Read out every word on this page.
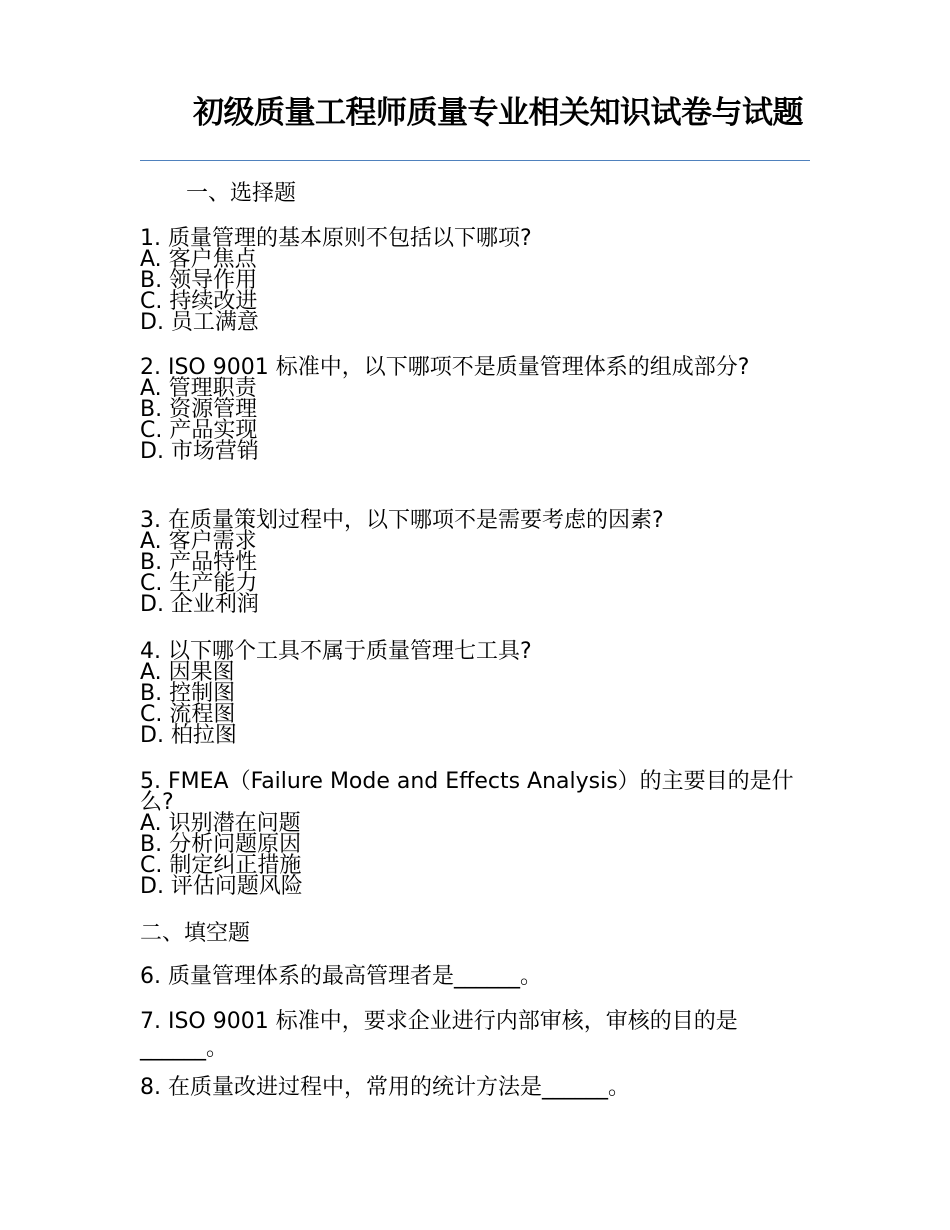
初级质量工程师质量专业相关知识试卷与试题
一、选择题

1. 质量管理的基本原则不包括以下哪项?

A. 客户焦点

B. 领导作用

C. 持续改进

D. 员工满意

2. ISO 9001 标准中，以下哪项不是质量管理体系的组成部分?

A. 管理职责

B. 资源管理

C. 产品实现

D. 市场营销

3. 在质量策划过程中，以下哪项不是需要考虑的因素?

A. 客户需求

B. 产品特性

C. 生产能力

D. 企业利润

4. 以下哪个工具不属于质量管理七工具?

A. 因果图

B. 控制图

C. 流程图

D. 柏拉图

5. FMEA（Failure Mode and Effects Analysis）的主要目的是什么?

A. 识别潜在问题

B. 分析问题原因

C. 制定纠正措施

D. 评估问题风险

二、填空题

6. 质量管理体系的最高管理者是______。

7. ISO 9001 标准中，要求企业进行内部审核，审核的目的是______。

8. 在质量改进过程中，常用的统计方法是______。
